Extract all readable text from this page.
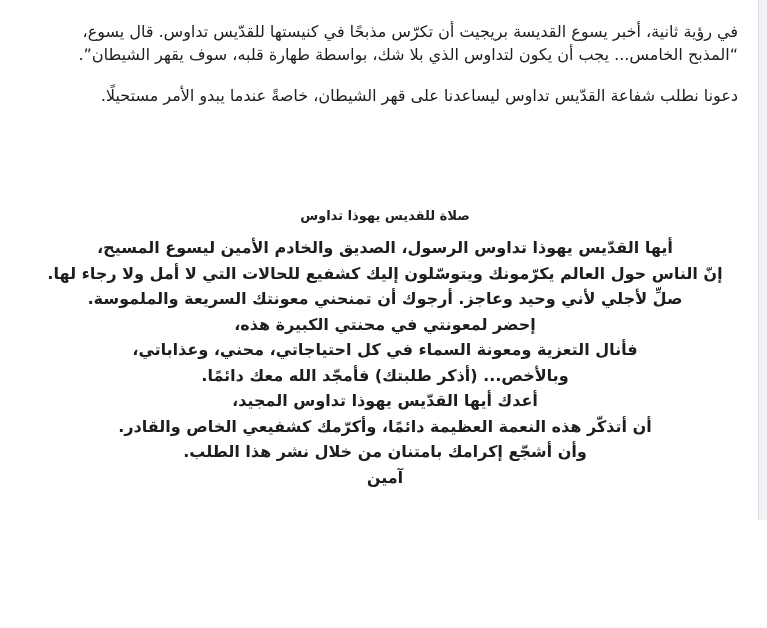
في رؤية ثانية، أخبر يسوع القديسة بريجيت أن تكرّس مذبحًا في كنيستها للقدّيس تداوس. قال يسوع، “المذبح الخامس... يجب أن يكون لتداوس الذي بلا شك، بواسطة طهارة قلبه، سوف يقهر الشيطان”.

دعونا نطلب شفاعة القدّيس تداوس ليساعدنا على قهر الشيطان، خاصةً عندما يبدو الأمر مستحيلًا.

صلاة للقديس يهوذا تداوس

أيها القدّيس يهوذا تداوس الرسول، الصديق والخادم الأمين ليسوع المسيح،

إنّ الناس حول العالم يكرّمونك ويتوسّلون إليك كشفيع للحالات التي لا أمل ولا رجاء لها.

صلِّ لأجلي لأني وحيد وعاجز. أرجوك أن تمنحني معونتك السريعة والملموسة.

إحضر لمعونتي في محنتي الكبيرة هذه،

فأنال التعزية ومعونة السماء في كل احتياجاتي، محني، وعذاباتي،

وبالأخص... (أذكر طلبتك) فأمجّد الله معك دائمًا.

أعدك أيها القدّيس يهوذا تداوس المجيد،

أن أتذكّر هذه النعمة العظيمة دائمًا، وأكرّمك كشفيعي الخاص والقادر.

وأن أشجّع إكرامك بامتنان من خلال نشر هذا الطلب.

آمين
